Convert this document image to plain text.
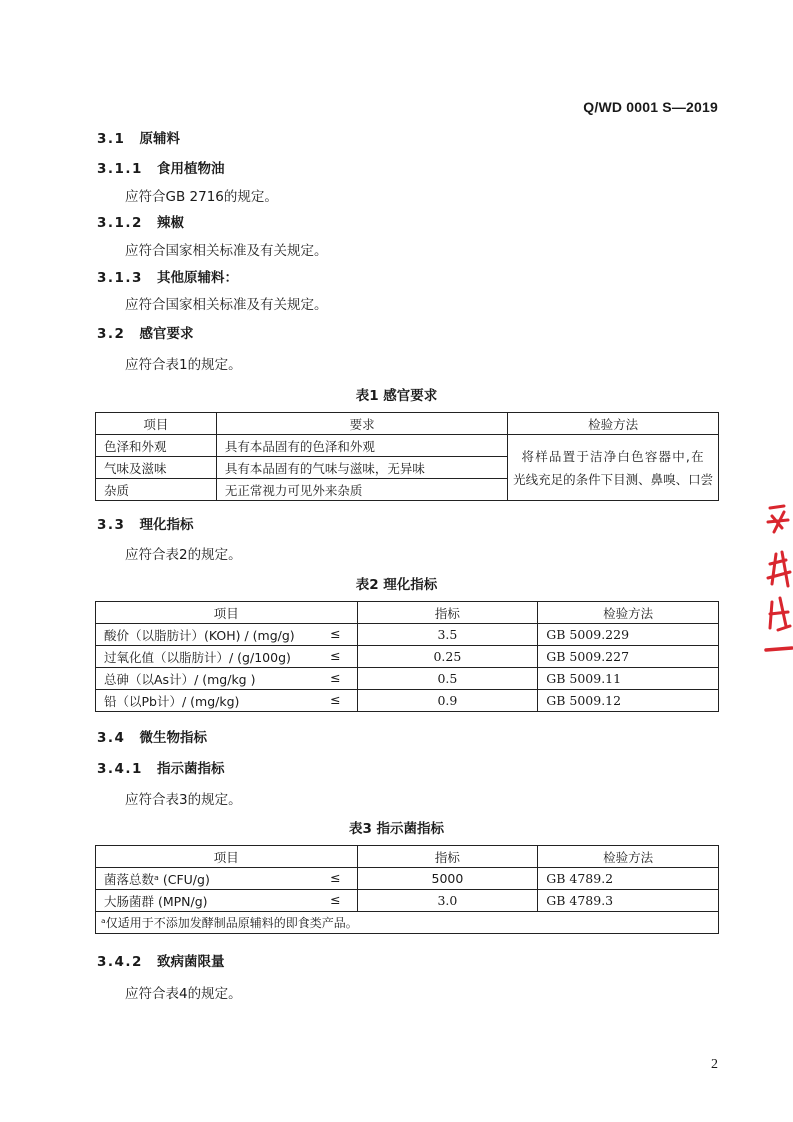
Q/WD 0001 S—2019
3.1 原辅料
3.1.1 食用植物油
应符合GB 2716的规定。
3.1.2 辣椒
应符合国家相关标准及有关规定。
3.1.3 其他原辅料：
应符合国家相关标准及有关规定。
3.2 感官要求
应符合表1的规定。
表1 感官要求
项目	要求	检验方法
色泽和外观	具有本品固有的色泽和外观	将样品置于洁净白色容器中,在
光线充足的条件下目测、鼻嗅、口尝

气味及滋味	具有本品固有的气味与滋味，无异味	
杂质	无正常视力可见外来杂质	
3.3 理化指标
应符合表2的规定。
表2 理化指标
项目	指标	检验方法
酸价（以脂肪计）(KOH) / (mg/g) ≤	3.5	GB 5009.229
过氧化值（以脂肪计）/ (g/100g) ≤	0.25	GB 5009.227
总砷（以As计）/ (mg/kg ) ≤	0.5	GB 5009.11
铅（以Pb计）/ (mg/kg) ≤	0.9	GB 5009.12
3.4 微生物指标
3.4.1 指示菌指标
应符合表3的规定。
表3 指示菌指标
项目	指标	检验方法
菌落总数ᵃ (CFU/g) ≤	5000	GB 4789.2
大肠菌群 (MPN/g) ≤	3.0	GB 4789.3
ᵃ仅适用于不添加发酵制品原辅料的即食类产品。		
3.4.2 致病菌限量
应符合表4的规定。
2
